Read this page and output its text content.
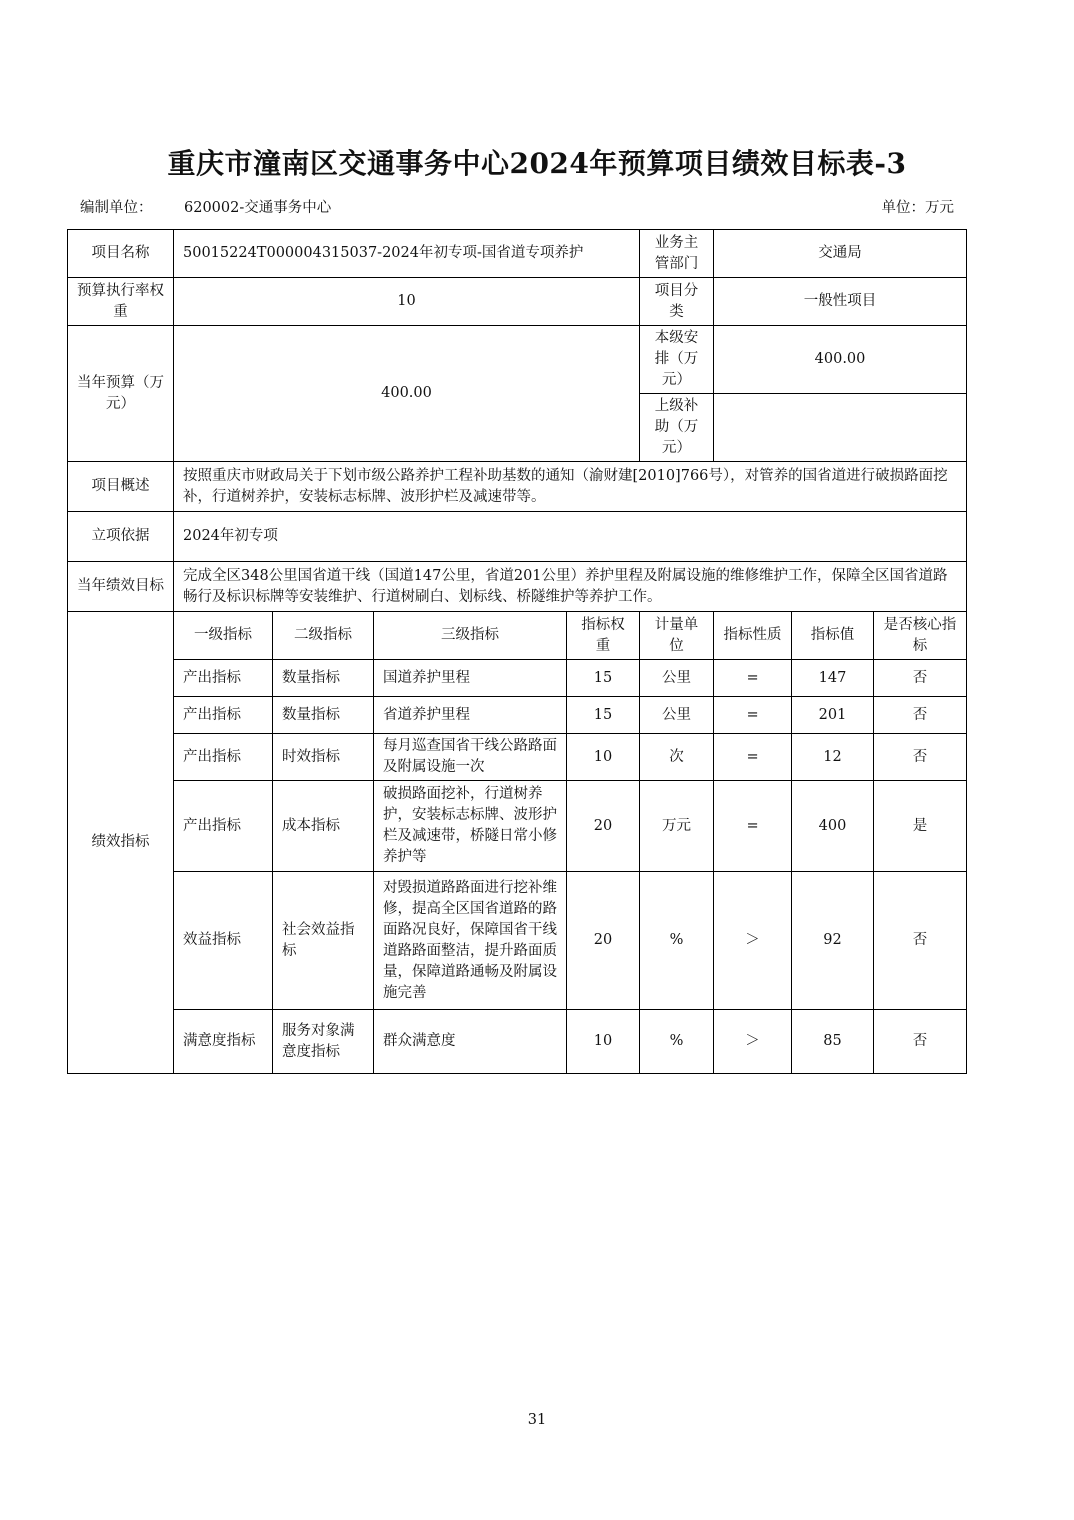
重庆市潼南区交通事务中心2024年预算项目绩效目标表-3
编制单位： 620002-交通事务中心	单位：万元
项目名称	50015224T000004315037-2024年初专项-国省道专项养护				业务主管部门	交通局		
预算执行率权重	10				项目分类	一般性项目		
当年预算（万元）	400.00				本级安排（万元）	400.00		
					上级补助（万元）			
项目概述	按照重庆市财政局关于下划市级公路养护工程补助基数的通知（渝财建[2010]766号），对管养的国省道进行破损路面挖补，行道树养护，安装标志标牌、波形护栏及减速带等。							
立项依据	2024年初专项							
当年绩效目标	完成全区348公里国省道干线（国道147公里，省道201公里）养护里程及附属设施的维修维护工作，保障全区国省道路畅行及标识标牌等安装维护、行道树刷白、划标线、桥隧维护等养护工作。							
绩效指标	一级指标	二级指标	三级指标	指标权重	计量单位	指标性质	指标值	是否核心指标
	产出指标	数量指标	国道养护里程	15	公里	=	147	否
	产出指标	数量指标	省道养护里程	15	公里	=	201	否
	产出指标	时效指标	每月巡查国省干线公路路面及附属设施一次	10	次	=	12	否
	产出指标	成本指标	破损路面挖补，行道树养护，安装标志标牌、波形护栏及减速带，桥隧日常小修养护等	20	万元	=	400	是
	效益指标	社会效益指标	对毁损道路路面进行挖补维修，提高全区国省道路的路面路况良好，保障国省干线道路路面整洁，提升路面质量，保障道路通畅及附属设施完善	20	%	＞	92	否
	满意度指标	服务对象满意度指标	群众满意度	10	%	＞	85	否
31
